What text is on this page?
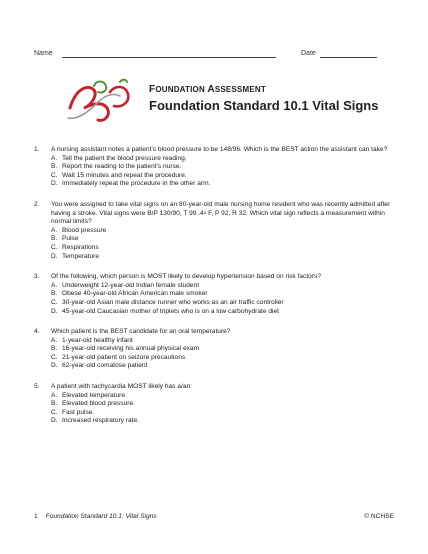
Name	Date
FOUNDATION ASSESSMENT
Foundation Standard 10.1 Vital Signs
1. A nursing assistant notes a patient’s blood pressure to be 148/96. Which is the BEST action the assistant can take?
A. Tell the patient the blood pressure reading.
B. Report the reading to the patient’s nurse.
C. Wait 15 minutes and repeat the procedure.
D. Immediately repeat the procedure in the other arm.
2. You were assigned to take vital signs on an 80-year-old male nursing home resident who was recently admitted after having a stroke. Vital signs were B/P 130/90, T 99 .4$^o$ F, P 92, R 32. Which vital sign reflects a measurement within normal limits?
A. Blood pressure
B. Pulse
C. Respirations
D. Temperature
3. Of the following, which person is MOST likely to develop hypertension based on risk factors?
A. Underweight 12-year-old Indian female student
B. Obese 40-year-old African American male smoker
C. 30-year-old Asian male distance runner who works as an air traffic controller
D. 45-year-old Caucasian mother of triplets who is on a low carbohydrate diet
4. Which patient is the BEST candidate for an oral temperature?
A. 1-year-old healthy infant
B. 16-year-old receiving his annual physical exam
C. 21-year-old patient on seizure precautions
D. 62-year-old comatose patient
5. A patient with tachycardia MOST likely has a/an:
A. Elevated temperature.
B. Elevated blood pressure.
C. Fast pulse.
D. Increased respiratory rate.
1 Foundation Standard 10.1: Vital Signs	© NCHSE
